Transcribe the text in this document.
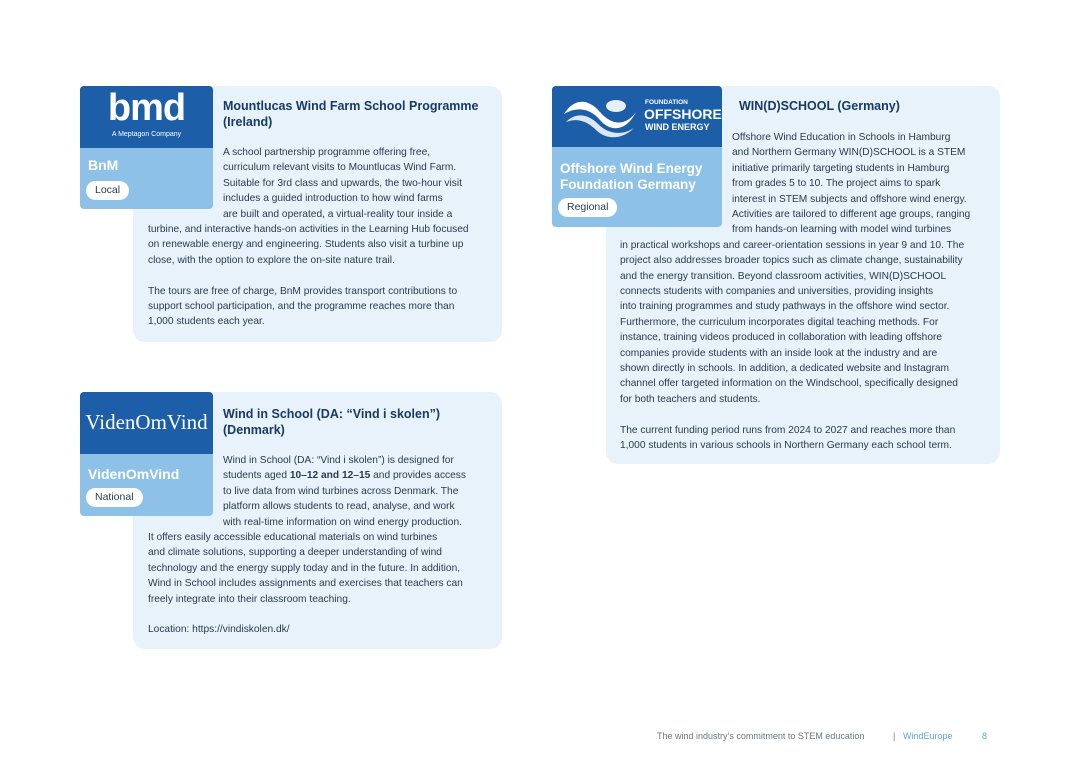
bmd
A Meptagon Company
BnM
Local
Mountlucas Wind Farm School Programme
(Ireland)
A school partnership programme offering free,
curriculum relevant visits to Mountlucas Wind Farm.
Suitable for 3rd class and upwards, the two-hour visit
includes a guided introduction to how wind farms
are built and operated, a virtual-reality tour inside a
turbine, and interactive hands-on activities in the Learning Hub focused
on renewable energy and engineering. Students also visit a turbine up
close, with the option to explore the on-site nature trail.
The tours are free of charge, BnM provides transport contributions to
support school participation, and the programme reaches more than
1,000 students each year.
VidenOmVind
VidenOmVind
National
Wind in School (DA: “Vind i skolen”)
(Denmark)
Wind in School (DA: “Vind i skolen”) is designed for
students aged 10–12 and 12–15 and provides access
to live data from wind turbines across Denmark. The
platform allows students to read, analyse, and work
with real-time information on wind energy production.
It offers easily accessible educational materials on wind turbines
and climate solutions, supporting a deeper understanding of wind
technology and the energy supply today and in the future. In addition,
Wind in School includes assignments and exercises that teachers can
freely integrate into their classroom teaching.
Location: https://vindiskolen.dk/
FOUNDATION
OFFSHORE
WIND ENERGY
Offshore Wind Energy
Foundation Germany
Regional
WIN(D)SCHOOL (Germany)
Offshore Wind Education in Schools in Hamburg
and Northern Germany WIN(D)SCHOOL is a STEM
initiative primarily targeting students in Hamburg
from grades 5 to 10. The project aims to spark
interest in STEM subjects and offshore wind energy.
Activities are tailored to different age groups, ranging
from hands-on learning with model wind turbines
in practical workshops and career-orientation sessions in year 9 and 10. The
project also addresses broader topics such as climate change, sustainability
and the energy transition. Beyond classroom activities, WIN(D)SCHOOL
connects students with companies and universities, providing insights
into training programmes and study pathways in the offshore wind sector.
Furthermore, the curriculum incorporates digital teaching methods. For
instance, training videos produced in collaboration with leading offshore
companies provide students with an inside look at the industry and are
shown directly in schools. In addition, a dedicated website and Instagram
channel offer targeted information on the Windschool, specifically designed
for both teachers and students.
The current funding period runs from 2024 to 2027 and reaches more than
1,000 students in various schools in Northern Germany each school term.
The wind industry’s commitment to STEM education	| WindEurope	8
